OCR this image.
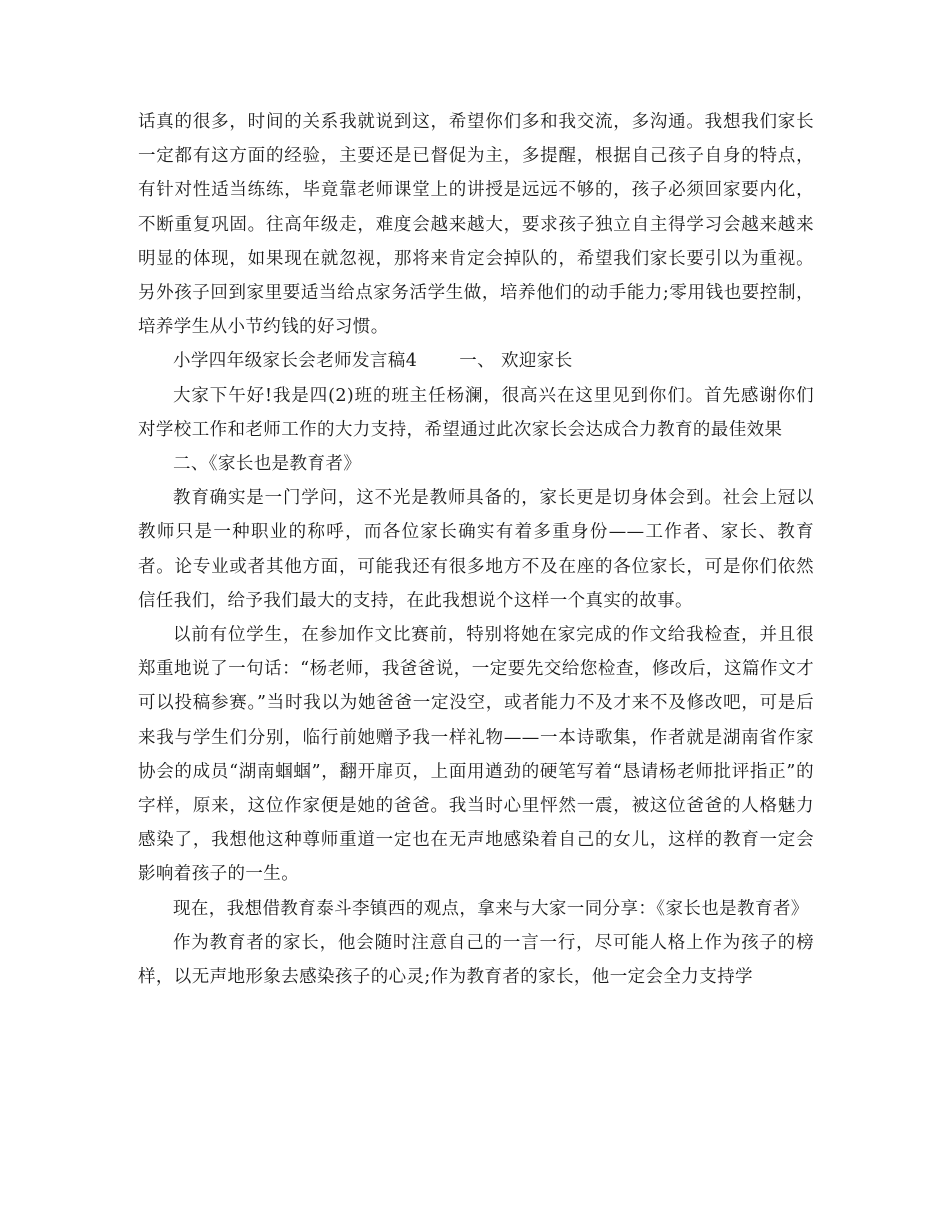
话真的很多，时间的关系我就说到这，希望你们多和我交流，多沟通。我想我们家长一定都有这方面的经验，主要还是已督促为主，多提醒，根据自己孩子自身的特点，有针对性适当练练，毕竟靠老师课堂上的讲授是远远不够的，孩子必须回家要内化，不断重复巩固。往高年级走，难度会越来越大，要求孩子独立自主得学习会越来越来明显的体现，如果现在就忽视，那将来肯定会掉队的，希望我们家长要引以为重视。另外孩子回到家里要适当给点家务活学生做，培养他们的动手能力;零用钱也要控制，培养学生从小节约钱的好习惯。

小学四年级家长会老师发言稿4 一、 欢迎家长

大家下午好!我是四(2)班的班主任杨澜，很高兴在这里见到你们。首先感谢你们对学校工作和老师工作的大力支持，希望通过此次家长会达成合力教育的最佳效果

二、《家长也是教育者》

教育确实是一门学问，这不光是教师具备的，家长更是切身体会到。社会上冠以教师只是一种职业的称呼，而各位家长确实有着多重身份——工作者、家长、教育者。论专业或者其他方面，可能我还有很多地方不及在座的各位家长，可是你们依然信任我们，给予我们最大的支持，在此我想说个这样一个真实的故事。

以前有位学生，在参加作文比赛前，特别将她在家完成的作文给我检查，并且很郑重地说了一句话：“杨老师，我爸爸说，一定要先交给您检查，修改后，这篇作文才可以投稿参赛。”当时我以为她爸爸一定没空，或者能力不及才来不及修改吧，可是后来我与学生们分别，临行前她赠予我一样礼物——一本诗歌集，作者就是湖南省作家协会的成员“湖南蝈蝈”，翻开扉页，上面用遒劲的硬笔写着“恳请杨老师批评指正”的字样，原来，这位作家便是她的爸爸。我当时心里怦然一震，被这位爸爸的人格魅力感染了，我想他这种尊师重道一定也在无声地感染着自己的女儿，这样的教育一定会影响着孩子的一生。

现在，我想借教育泰斗李镇西的观点，拿来与大家一同分享：《家长也是教育者》

作为教育者的家长，他会随时注意自己的一言一行，尽可能人格上作为孩子的榜样，以无声地形象去感染孩子的心灵;作为教育者的家长，他一定会全力支持学
